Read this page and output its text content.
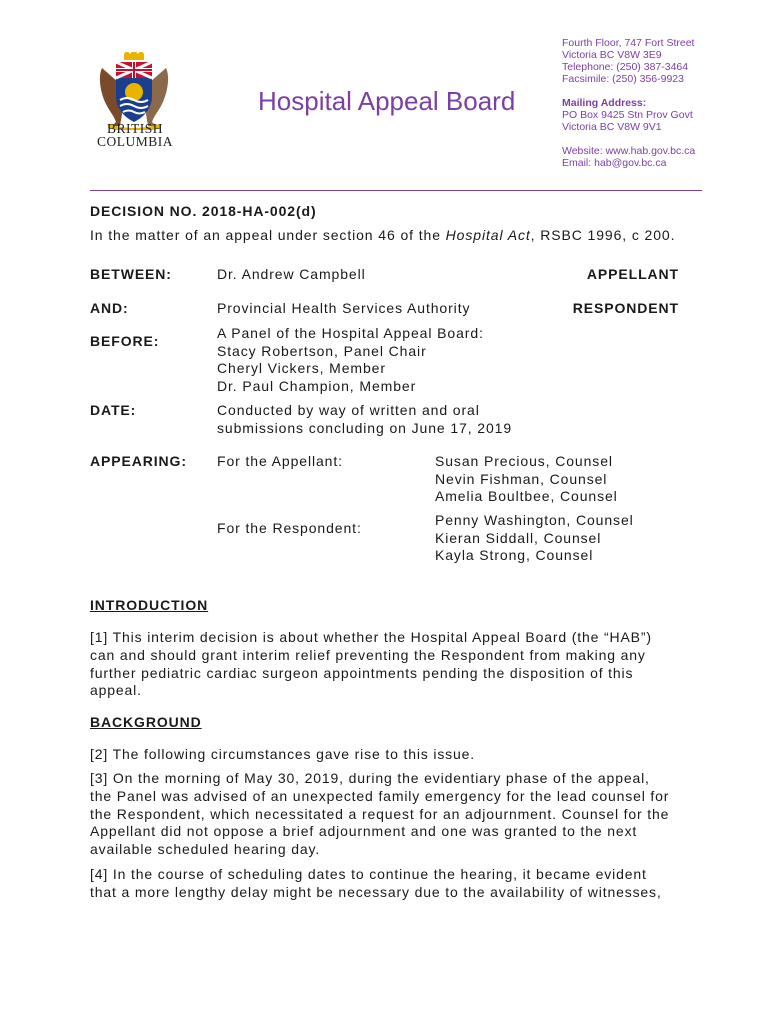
BRITISH
COLUMBIA
Hospital Appeal Board
Fourth Floor, 747 Fort Street
Victoria BC V8W 3E9
Telephone: (250) 387-3464
Facsimile: (250) 356-9923
Mailing Address:
PO Box 9425 Stn Prov Govt
Victoria BC V8W 9V1
Website: www.hab.gov.bc.ca
Email: hab@gov.bc.ca
DECISION NO. 2018-HA-002(d)
In the matter of an appeal under section 46 of the Hospital Act, RSBC 1996, c 200.
BETWEEN:	Dr. Andrew Campbell	APPELLANT
AND:	Provincial Health Services Authority	RESPONDENT
BEFORE:	A Panel of the Hospital Appeal Board:
Stacy Robertson, Panel Chair
Cheryl Vickers, Member
Dr. Paul Champion, Member
DATE:	Conducted by way of written and oral
submissions concluding on June 17, 2019
APPEARING: For the Appellant:	Susan Precious, Counsel
Nevin Fishman, Counsel
Amelia Boultbee, Counsel
For the Respondent:	Penny Washington, Counsel
Kieran Siddall, Counsel
Kayla Strong, Counsel
INTRODUCTION
[1] This interim decision is about whether the Hospital Appeal Board (the “HAB”)
can and should grant interim relief preventing the Respondent from making any
further pediatric cardiac surgeon appointments pending the disposition of this
appeal.
BACKGROUND
[2] The following circumstances gave rise to this issue.
[3] On the morning of May 30, 2019, during the evidentiary phase of the appeal,
the Panel was advised of an unexpected family emergency for the lead counsel for
the Respondent, which necessitated a request for an adjournment. Counsel for the
Appellant did not oppose a brief adjournment and one was granted to the next
available scheduled hearing day.
[4] In the course of scheduling dates to continue the hearing, it became evident
that a more lengthy delay might be necessary due to the availability of witnesses,
